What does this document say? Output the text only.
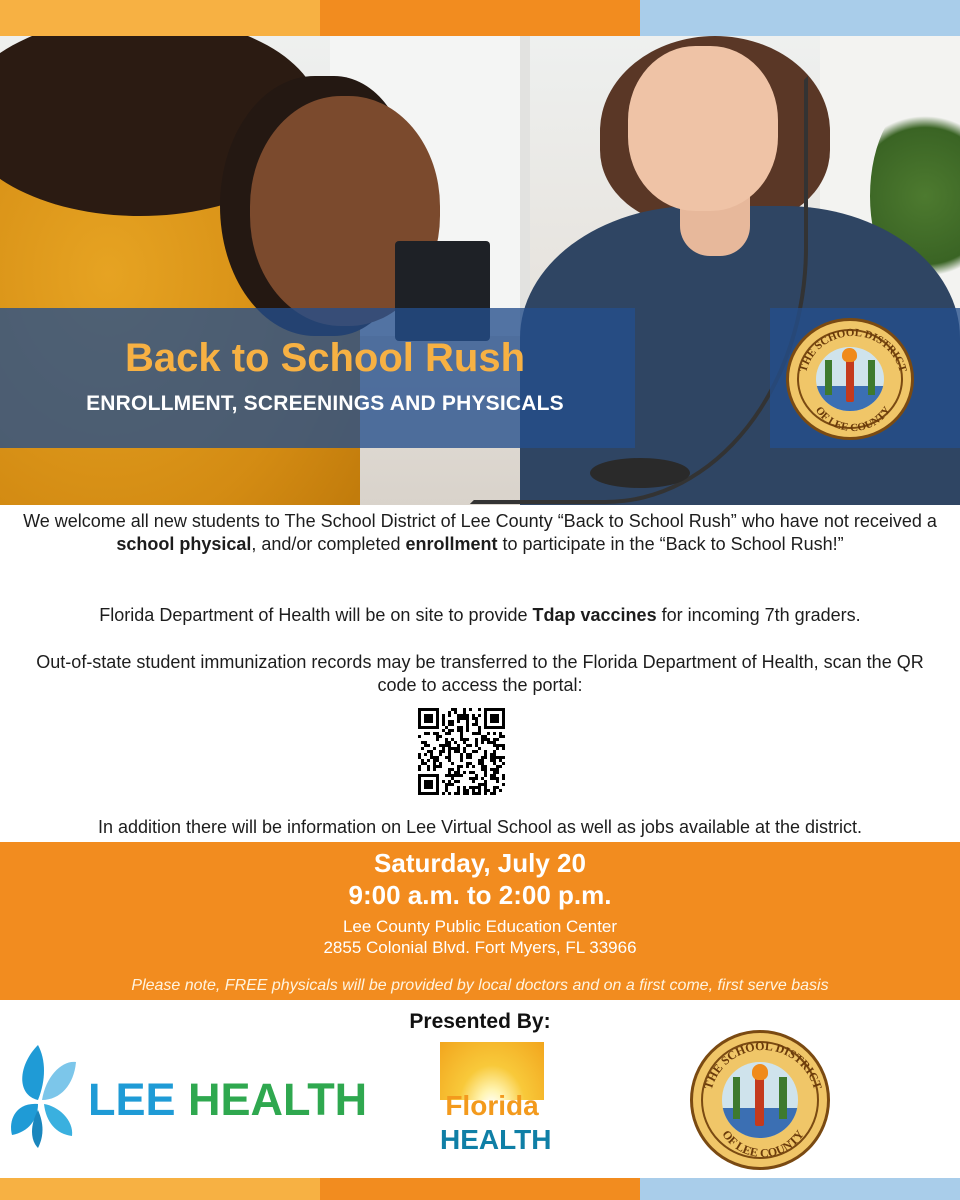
Back to School Rush
ENROLLMENT, SCREENINGS AND PHYSICALS
THE SCHOOL DISTRICT
OF LEE COUNTY
We welcome all new students to The School District of Lee County “Back to School Rush” who have not received a school physical, and/or completed enrollment to participate in the “Back to School Rush!”
Florida Department of Health will be on site to provide Tdap vaccines for incoming 7th graders.
Out-of-state student immunization records may be transferred to the Florida Department of Health, scan the QR code to access the portal:
In addition there will be information on Lee Virtual School as well as jobs available at the district.
Saturday, July 20
9:00 a.m. to 2:00 p.m.
Lee County Public Education Center
2855 Colonial Blvd. Fort Myers, FL 33966
Please note, FREE physicals will be provided by local doctors and on a first come, first serve basis
Presented By:
LEE HEALTH	Florida
HEALTH
THE SCHOOL DISTRICT
OF LEE COUNTY
